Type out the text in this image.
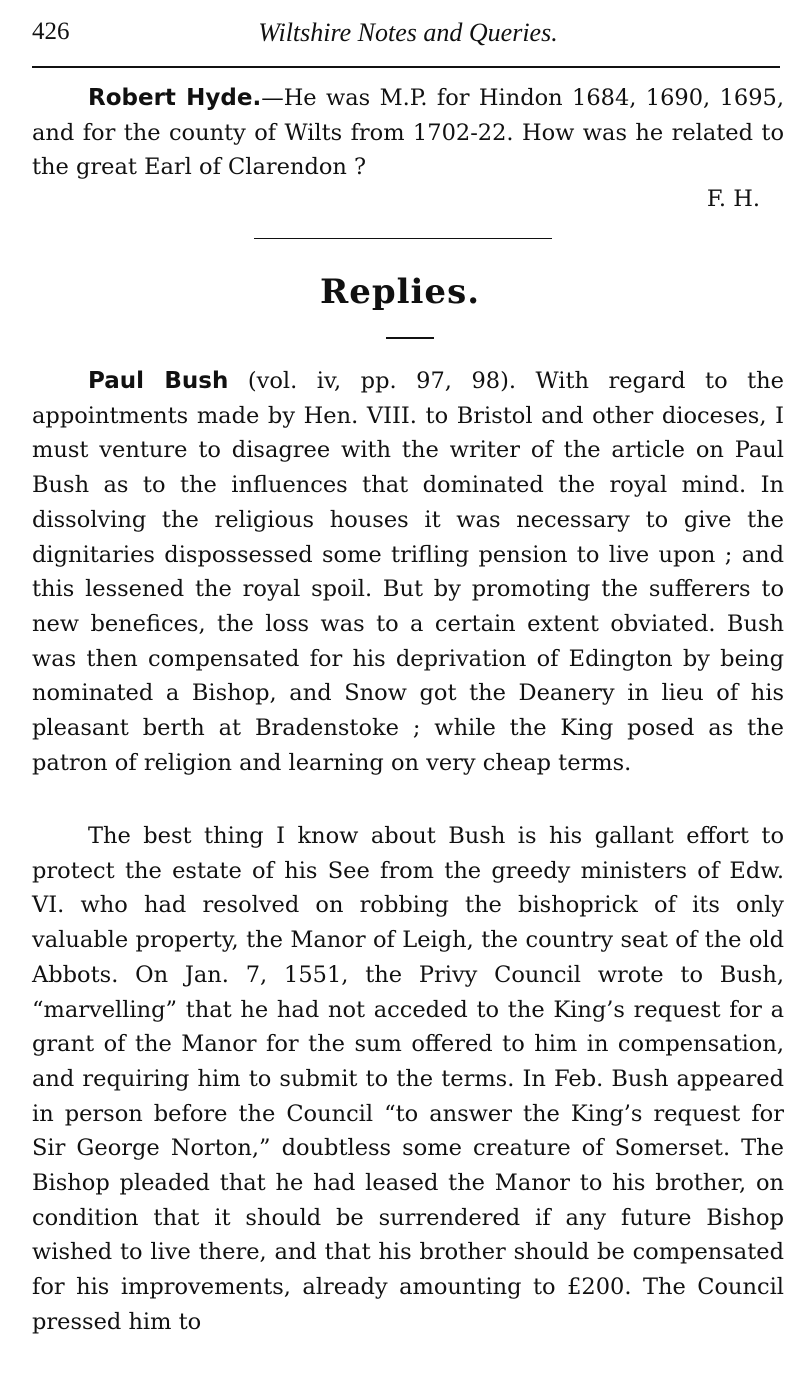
426	Wiltshire Notes and Queries.

Robert Hyde.—He was M.P. for Hindon 1684, 1690, 1695, and for the county of Wilts from 1702-22. How was he related to the great Earl of Clarendon ?

F. H.
Replies.

Paul Bush (vol. iv, pp. 97, 98). With regard to the appointments made by Hen. VIII. to Bristol and other dioceses, I must venture to disagree with the writer of the article on Paul Bush as to the influences that dominated the royal mind. In dissolving the religious houses it was necessary to give the dignitaries dispossessed some trifling pension to live upon ; and this lessened the royal spoil. But by promoting the sufferers to new benefices, the loss was to a certain extent obviated. Bush was then compensated for his deprivation of Edington by being nominated a Bishop, and Snow got the Deanery in lieu of his pleasant berth at Bradenstoke ; while the King posed as the patron of religion and learning on very cheap terms.

The best thing I know about Bush is his gallant effort to protect the estate of his See from the greedy ministers of Edw. VI. who had resolved on robbing the bishoprick of its only valuable property, the Manor of Leigh, the country seat of the old Abbots. On Jan. 7, 1551, the Privy Council wrote to Bush, “marvelling” that he had not acceded to the King’s request for a grant of the Manor for the sum offered to him in compensation, and requiring him to submit to the terms. In Feb. Bush appeared in person before the Council “to answer the King’s request for Sir George Norton,” doubtless some creature of Somerset. The Bishop pleaded that he had leased the Manor to his brother, on condition that it should be surrendered if any future Bishop wished to live there, and that his brother should be compensated for his improvements, already amounting to £200. The Council pressed him to
